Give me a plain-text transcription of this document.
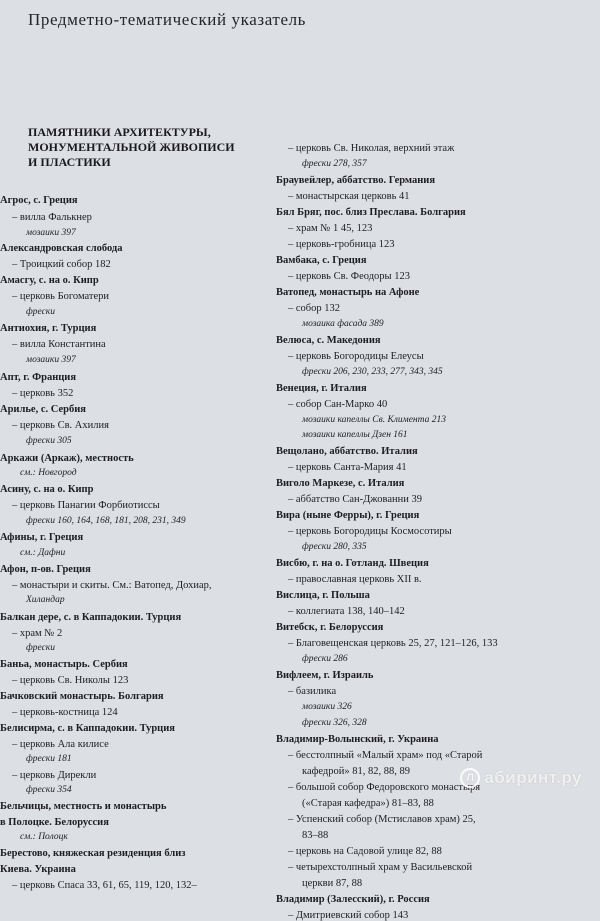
Предметно-тематический указатель
ПАМЯТНИКИ АРХИТЕКТУРЫ,
МОНУМЕНТАЛЬНОЙ ЖИВОПИСИ
И ПЛАСТИКИ
Агрос, с. Греция
– вилла Фалькнер
мозаики 397
Александровская слобода
– Троицкий собор 182
Амасгу, с. на о. Кипр
– церковь Богоматери
фрески
Антиохия, г. Турция
– вилла Константина
мозаики 397
Апт, г. Франция
– церковь 352
Арилье, с. Сербия
– церковь Св. Ахилия
фрески 305
Аркажи (Аркаж), местность
см.: Новгород
Асину, с. на о. Кипр
– церковь Панагии Форбиотиссы
фрески 160, 164, 168, 181, 208, 231, 349
Афины, г. Греция
см.: Дафни
Афон, п-ов. Греция
– монастыри и скиты. См.: Ватопед, Дохиар,
Хиландар
Балкан дере, с. в Каппадокии. Турция
– храм № 2
фрески
Баньа, монастырь. Сербия
– церковь Св. Николы 123
Бачковский монастырь. Болгария
– церковь-костница 124
Белисирма, с. в Каппадокии. Турция
– церковь Ала килисе
фрески 181
– церковь Дирекли
фрески 354
Бельчицы, местность и монастырь
в Полоцке. Белоруссия
см.: Полоцк
Берестово, княжеская резиденция близ
Киева. Украина
– церковь Спаса 33, 61, 65, 119, 120, 132–
– церковь Св. Николая, верхний этаж
фрески 278, 357
Браувейлер, аббатство. Германия
– монастырская церковь 41
Бял Бряг, пос. близ Преслава. Болгария
– храм № 1 45, 123
– церковь-гробница 123
Вамбака, с. Греция
– церковь Св. Феодоры 123
Ватопед, монастырь на Афоне
– собор 132
мозаика фасада 389
Велюса, с. Македония
– церковь Богородицы Елеусы
фрески 206, 230, 233, 277, 343, 345
Венеция, г. Италия
– собор Сан-Марко 40
мозаики капеллы Св. Климента 213
мозаики капеллы Дзен 161
Вещолано, аббатство. Италия
– церковь Санта-Мария 41
Виголо Маркезе, с. Италия
– аббатство Сан-Джованни 39
Вира (ныне Ферры), г. Греция
– церковь Богородицы Космосотиры
фрески 280, 335
Висбю, г. на о. Готланд. Швеция
– православная церковь XII в.
Вислица, г. Польша
– коллегиата 138, 140–142
Витебск, г. Белоруссия
– Благовещенская церковь 25, 27, 121–126, 133
фрески 286
Вифлеем, г. Израиль
– базилика
мозаики 326
фрески 326, 328
Владимир-Волынский, г. Украина
– бесстолпный «Малый храм» под «Старой
кафедрой» 81, 82, 88, 89
– большой собор Федоровского монастыря
(«Старая кафедра») 81–83, 88
– Успенский собор (Мстиславов храм) 25,
83–88
– церковь на Садовой улице 82, 88
– четырехстолпный храм у Васильевской
церкви 87, 88
Владимир (Залесский), г. Россия
– Дмитриевский собор 143
Л абиринт.ру
